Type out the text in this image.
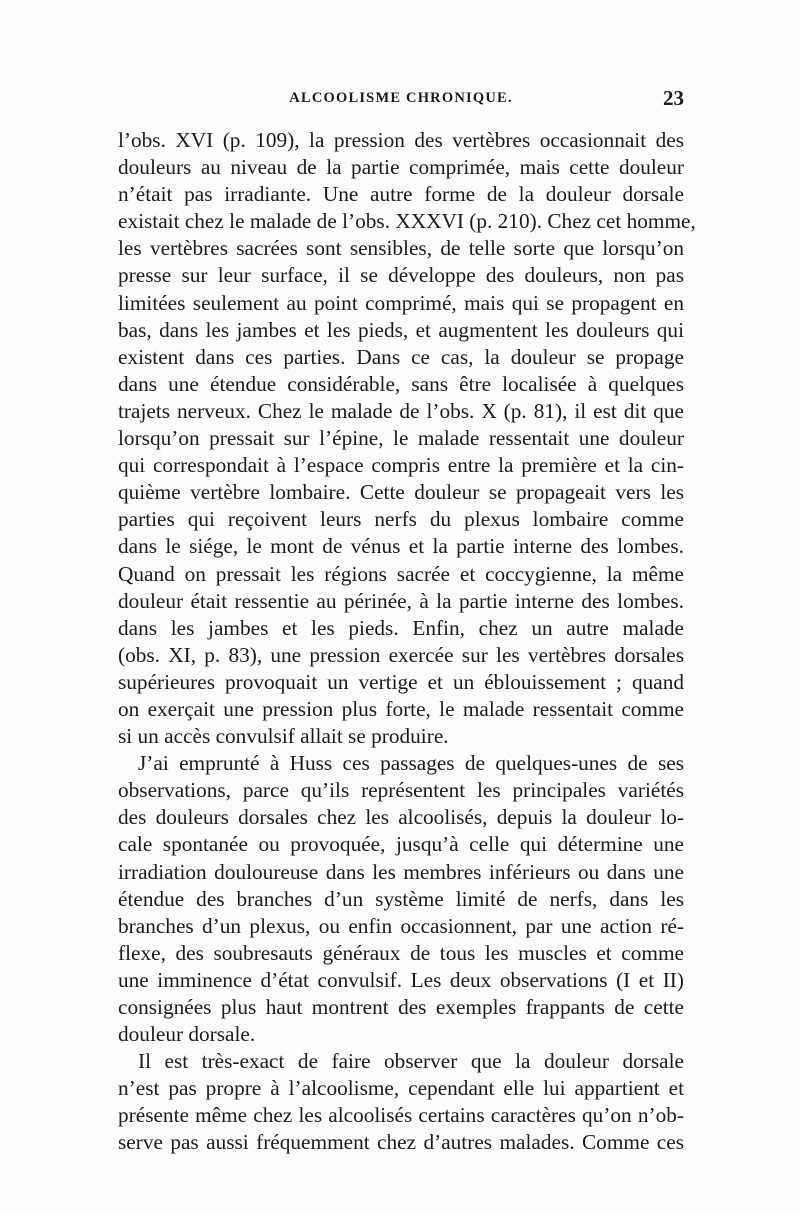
ALCOOLISME CHRONIQUE.	23
l’obs. XVI (p. 109), la pression des vertèbres occasionnait des
douleurs au niveau de la partie comprimée, mais cette douleur
n’était pas irradiante. Une autre forme de la douleur dorsale
existait chez le malade de l’obs. XXXVI (p. 210). Chez cet homme,
les vertèbres sacrées sont sensibles, de telle sorte que lorsqu’on
presse sur leur surface, il se développe des douleurs, non pas
limitées seulement au point comprimé, mais qui se propagent en
bas, dans les jambes et les pieds, et augmentent les douleurs qui
existent dans ces parties. Dans ce cas, la douleur se propage
dans une étendue considérable, sans être localisée à quelques
trajets nerveux. Chez le malade de l’obs. X (p. 81), il est dit que
lorsqu’on pressait sur l’épine, le malade ressentait une douleur
qui correspondait à l’espace compris entre la première et la cin-
quième vertèbre lombaire. Cette douleur se propageait vers les
parties qui reçoivent leurs nerfs du plexus lombaire comme
dans le siége, le mont de vénus et la partie interne des lombes.
Quand on pressait les régions sacrée et coccygienne, la même
douleur était ressentie au périnée, à la partie interne des lombes.
dans les jambes et les pieds. Enfin, chez un autre malade
(obs. XI, p. 83), une pression exercée sur les vertèbres dorsales
supérieures provoquait un vertige et un éblouissement ; quand
on exerçait une pression plus forte, le malade ressentait comme
si un accès convulsif allait se produire.
J’ai emprunté à Huss ces passages de quelques-unes de ses
observations, parce qu’ils représentent les principales variétés
des douleurs dorsales chez les alcoolisés, depuis la douleur lo-
cale spontanée ou provoquée, jusqu’à celle qui détermine une
irradiation douloureuse dans les membres inférieurs ou dans une
étendue des branches d’un système limité de nerfs, dans les
branches d’un plexus, ou enfin occasionnent, par une action ré-
flexe, des soubresauts généraux de tous les muscles et comme
une imminence d’état convulsif. Les deux observations (I et II)
consignées plus haut montrent des exemples frappants de cette
douleur dorsale.
Il est très-exact de faire observer que la douleur dorsale
n’est pas propre à l’alcoolisme, cependant elle lui appartient et
présente même chez les alcoolisés certains caractères qu’on n’ob-
serve pas aussi fréquemment chez d’autres malades. Comme ces
